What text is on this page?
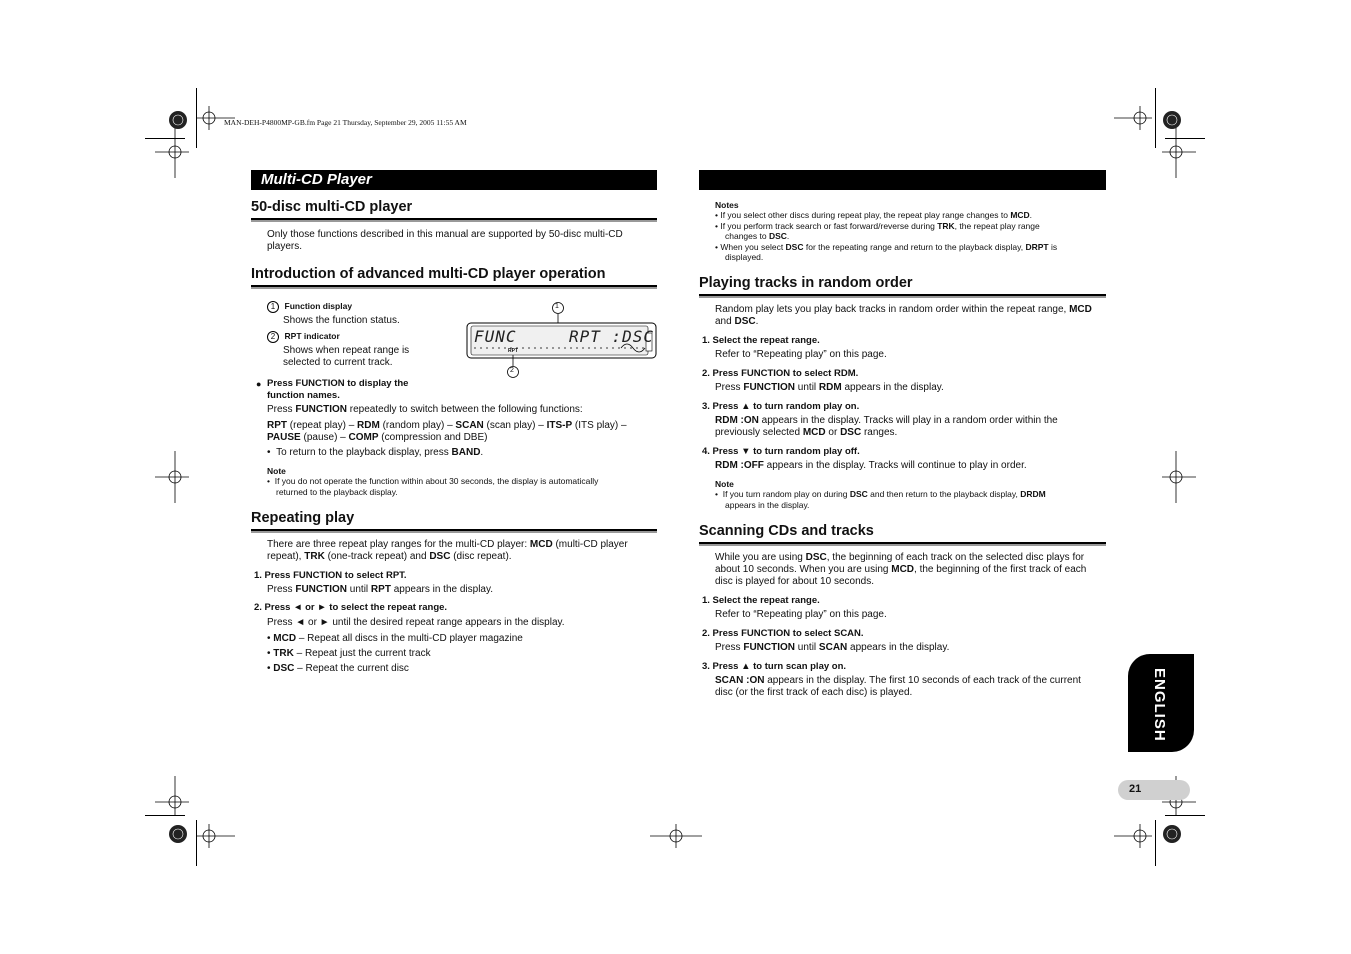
MAN-DEH-P4800MP-GB.fm Page 21 Thursday, September 29, 2005 11:55 AM
Multi-CD Player
50-disc multi-CD player
Only those functions described in this manual are supported by 50-disc multi-CD
players.
Introduction of advanced multi-CD player operation
1 Function display
Shows the function status.
2 RPT indicator
Shows when repeat range is
selected to current track.
1
2
FUNC	RPT :DSC
RPT
● Press FUNCTION to display the
function names.
Press FUNCTION repeatedly to switch between the following functions:
RPT (repeat play) – RDM (random play) – SCAN (scan play) – ITS-P (ITS play) –
PAUSE (pause) – COMP (compression and DBE)
•  To return to the playback display, press BAND.
Note
•  If you do not operate the function within about 30 seconds, the display is automatically
returned to the playback display.
Repeating play
There are three repeat play ranges for the multi-CD player: MCD (multi-CD player
repeat), TRK (one-track repeat) and DSC (disc repeat).
1. Press FUNCTION to select RPT.
Press FUNCTION until RPT appears in the display.
2. Press ◄ or ► to select the repeat range.
Press ◄ or ► until the desired repeat range appears in the display.
• MCD – Repeat all discs in the multi-CD player magazine
• TRK – Repeat just the current track
• DSC – Repeat the current disc
Notes
• If you select other discs during repeat play, the repeat play range changes to MCD.
• If you perform track search or fast forward/reverse during TRK, the repeat play range
changes to DSC.
• When you select DSC for the repeating range and return to the playback display, DRPT is
displayed.
Playing tracks in random order
Random play lets you play back tracks in random order within the repeat range, MCD
and DSC.
1. Select the repeat range.
Refer to “Repeating play” on this page.
2. Press FUNCTION to select RDM.
Press FUNCTION until RDM appears in the display.
3. Press ▲ to turn random play on.
RDM :ON appears in the display. Tracks will play in a random order within the
previously selected MCD or DSC ranges.
4. Press ▼ to turn random play off.
RDM :OFF appears in the display. Tracks will continue to play in order.
Note
•  If you turn random play on during DSC and then return to the playback display, DRDM
appears in the display.
Scanning CDs and tracks
While you are using DSC, the beginning of each track on the selected disc plays for
about 10 seconds. When you are using MCD, the beginning of the first track of each
disc is played for about 10 seconds.
1. Select the repeat range.
Refer to “Repeating play” on this page.
2. Press FUNCTION to select SCAN.
Press FUNCTION until SCAN appears in the display.
3. Press ▲ to turn scan play on.
SCAN :ON appears in the display. The first 10 seconds of each track of the current
disc (or the first track of each disc) is played.	ENGLISH
21
